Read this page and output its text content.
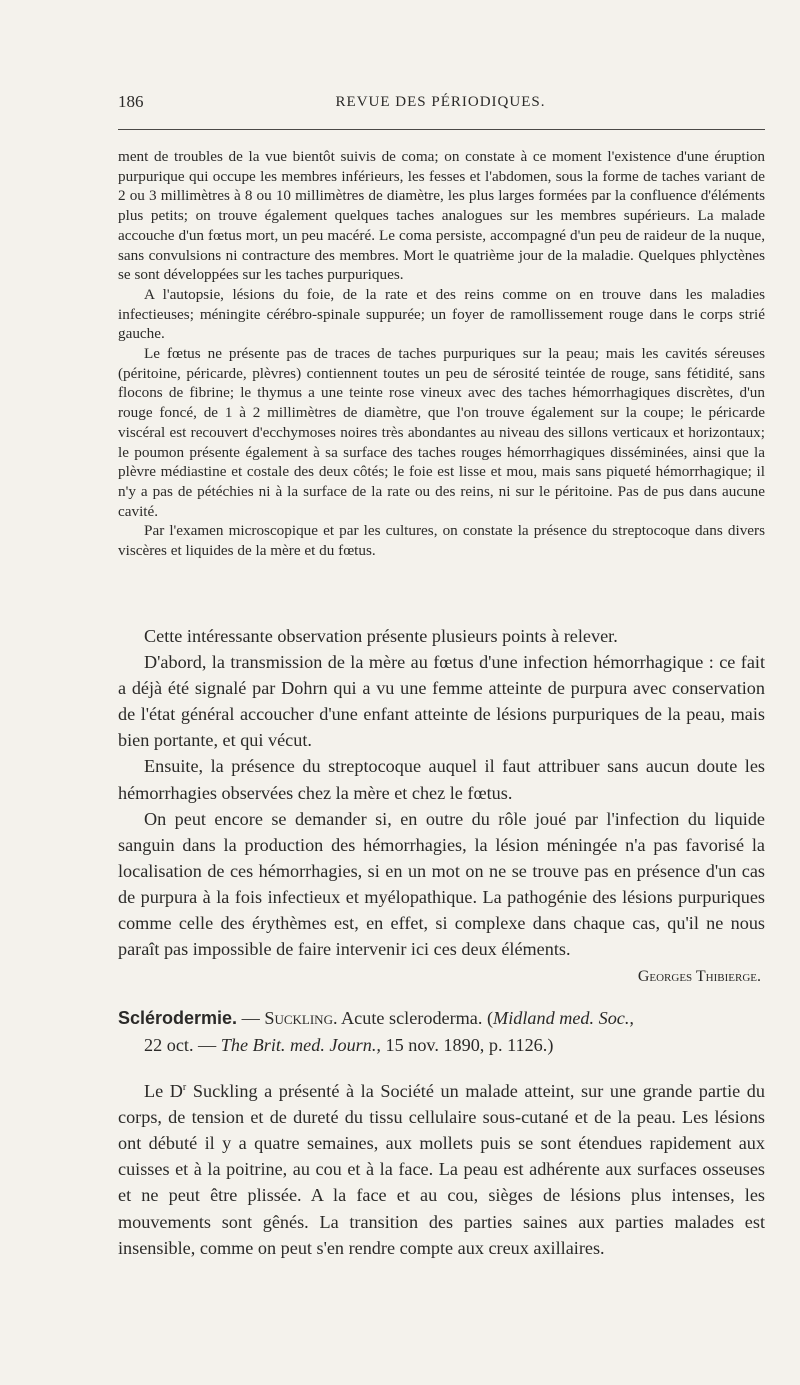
186	REVUE DES PÉRIODIQUES.

ment de troubles de la vue bientôt suivis de coma; on constate à ce moment l'existence d'une éruption purpurique qui occupe les membres inférieurs, les fesses et l'abdomen, sous la forme de taches variant de 2 ou 3 millimètres à 8 ou 10 millimètres de diamètre, les plus larges formées par la confluence d'éléments plus petits; on trouve également quelques taches analogues sur les membres supérieurs. La malade accouche d'un fœtus mort, un peu macéré. Le coma persiste, accompagné d'un peu de raideur de la nuque, sans convulsions ni contracture des membres. Mort le quatrième jour de la maladie. Quelques phlyctènes se sont développées sur les taches purpuriques.

A l'autopsie, lésions du foie, de la rate et des reins comme on en trouve dans les maladies infectieuses; méningite cérébro-spinale suppurée; un foyer de ramollissement rouge dans le corps strié gauche.

Le fœtus ne présente pas de traces de taches purpuriques sur la peau; mais les cavités séreuses (péritoine, péricarde, plèvres) contiennent toutes un peu de sérosité teintée de rouge, sans fétidité, sans flocons de fibrine; le thymus a une teinte rose vineux avec des taches hémorrhagiques discrètes, d'un rouge foncé, de 1 à 2 millimètres de diamètre, que l'on trouve également sur la coupe; le péricarde viscéral est recouvert d'ecchymoses noires très abondantes au niveau des sillons verticaux et horizontaux; le poumon présente également à sa surface des taches rouges hémorrhagiques disséminées, ainsi que la plèvre médiastine et costale des deux côtés; le foie est lisse et mou, mais sans piqueté hémorrhagique; il n'y a pas de pétéchies ni à la surface de la rate ou des reins, ni sur le péritoine. Pas de pus dans aucune cavité.

Par l'examen microscopique et par les cultures, on constate la présence du streptocoque dans divers viscères et liquides de la mère et du fœtus.

Cette intéressante observation présente plusieurs points à relever.

D'abord, la transmission de la mère au fœtus d'une infection hémorrhagique : ce fait a déjà été signalé par Dohrn qui a vu une femme atteinte de purpura avec conservation de l'état général accoucher d'une enfant atteinte de lésions purpuriques de la peau, mais bien portante, et qui vécut.

Ensuite, la présence du streptocoque auquel il faut attribuer sans aucun doute les hémorrhagies observées chez la mère et chez le fœtus.

On peut encore se demander si, en outre du rôle joué par l'infection du liquide sanguin dans la production des hémorrhagies, la lésion méningée n'a pas favorisé la localisation de ces hémorrhagies, si en un mot on ne se trouve pas en présence d'un cas de purpura à la fois infectieux et myélopathique. La pathogénie des lésions purpuriques comme celle des érythèmes est, en effet, si complexe dans chaque cas, qu'il ne nous paraît pas impossible de faire intervenir ici ces deux éléments.

Georges Thibierge.
Sclérodermie. — Suckling. Acute scleroderma. (Midland med. Soc.,
22 oct. — The Brit. med. Journ., 15 nov. 1890, p. 1126.)

Le $D^r$ Suckling a présenté à la Société un malade atteint, sur une grande partie du corps, de tension et de dureté du tissu cellulaire sous-cutané et de la peau. Les lésions ont débuté il y a quatre semaines, aux mollets puis se sont étendues rapidement aux cuisses et à la poitrine, au cou et à la face. La peau est adhérente aux surfaces osseuses et ne peut être plissée. A la face et au cou, sièges de lésions plus intenses, les mouvements sont gênés. La transition des parties saines aux parties malades est insensible, comme on peut s'en rendre compte aux creux axillaires.
